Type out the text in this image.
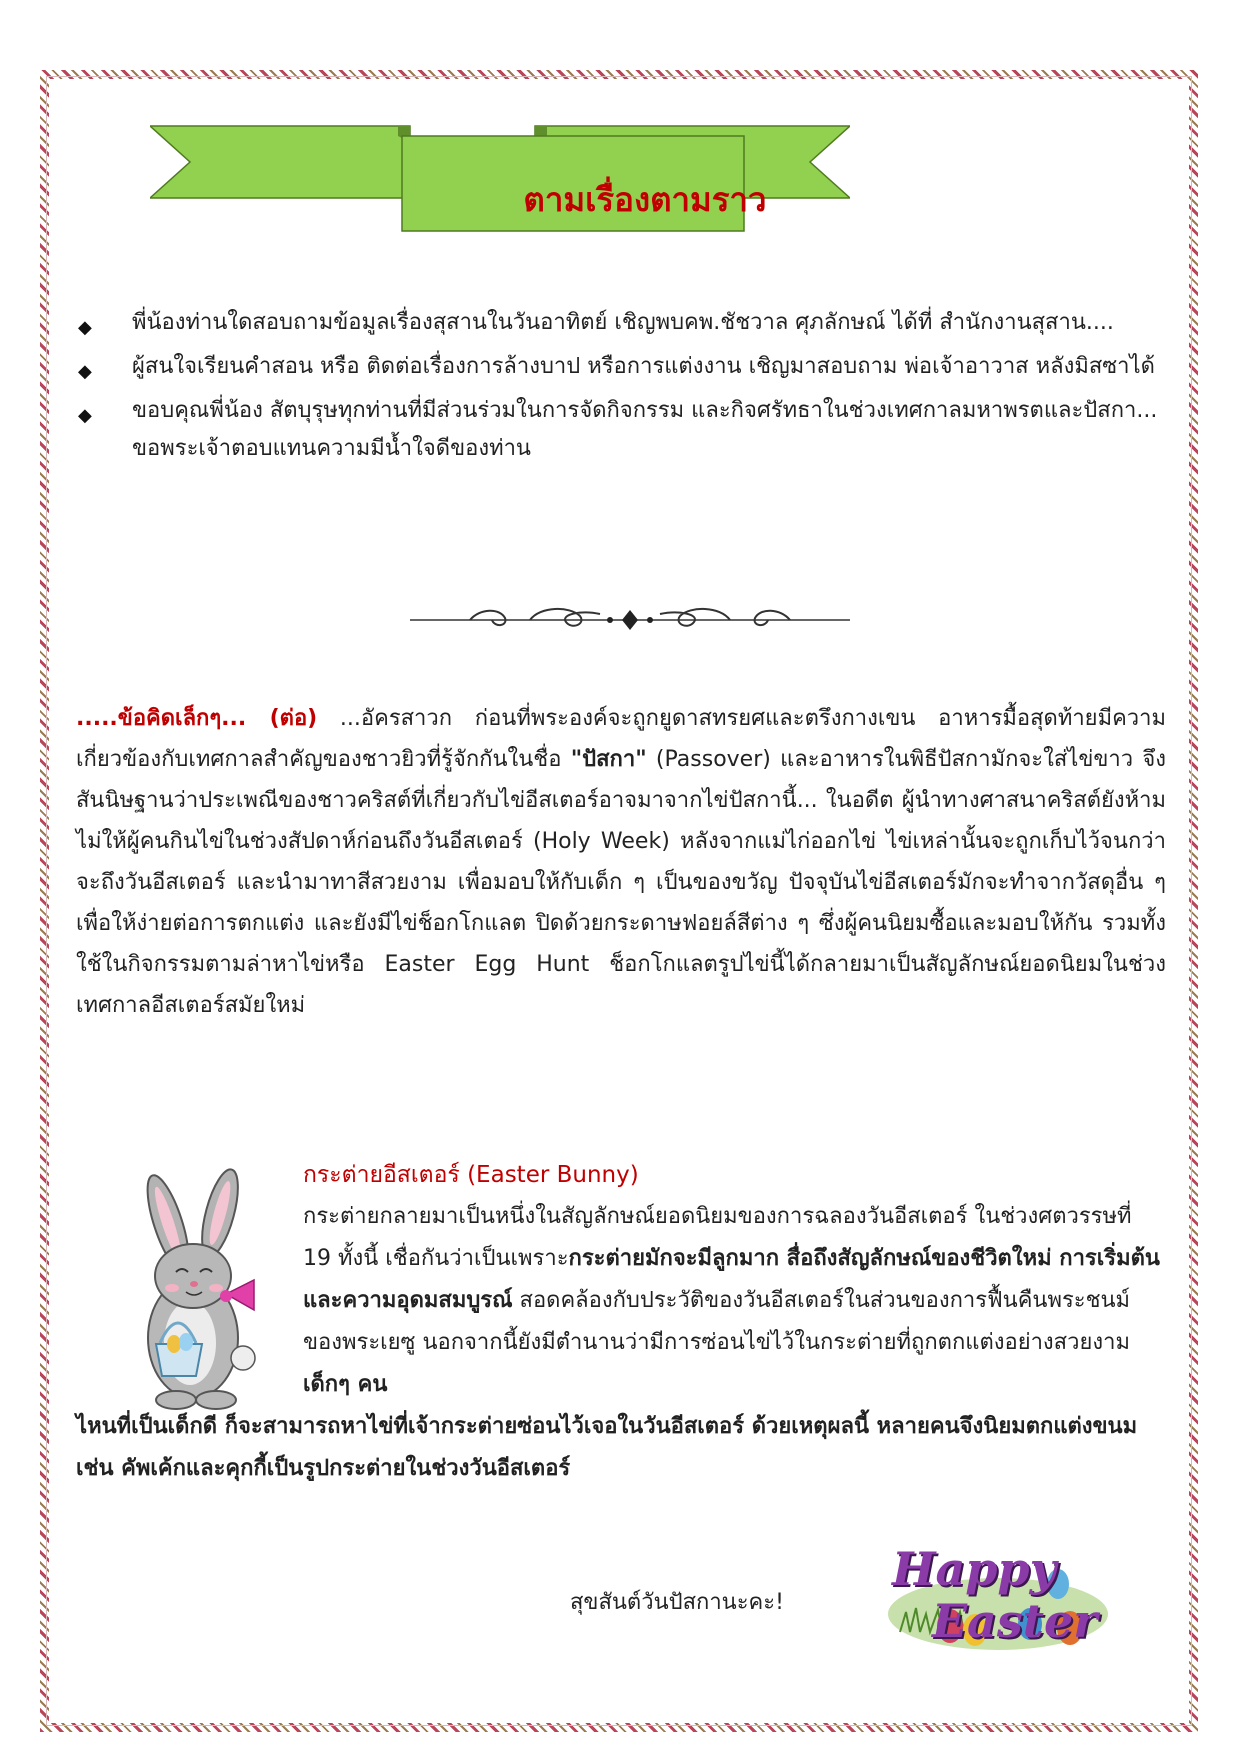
ตามเรื่องตามราว
◆ พี่น้องท่านใดสอบถามข้อมูลเรื่องสุสานในวันอาทิตย์ เชิญพบคพ.ชัชวาล ศุภลักษณ์ ได้ที่ สำนักงานสุสาน....
◆ ผู้สนใจเรียนคำสอน หรือ ติดต่อเรื่องการล้างบาป หรือการแต่งงาน เชิญมาสอบถาม พ่อเจ้าอาวาส หลังมิสซาได้
◆ ขอบคุณพี่น้อง สัตบุรุษทุกท่านที่มีส่วนร่วมในการจัดกิจกรรม และกิจศรัทธาในช่วงเทศกาลมหาพรตและปัสกา... ขอพระเจ้าตอบแทนความมีน้ำใจดีของท่าน
.....ข้อคิดเล็กๆ... (ต่อ) ...อัครสาวก ก่อนที่พระองค์จะถูกยูดาสทรยศและตรึงกางเขน อาหารมื้อสุดท้ายมีความเกี่ยวข้องกับเทศกาลสำคัญของชาวยิวที่รู้จักกันในชื่อ "ปัสกา" (Passover) และอาหารในพิธีปัสกามักจะใส่ไข่ขาว จึงสันนิษฐานว่าประเพณีของชาวคริสต์ที่เกี่ยวกับไข่อีสเตอร์อาจมาจากไข่ปัสกานี้... ในอดีต ผู้นำทางศาสนาคริสต์ยังห้ามไม่ให้ผู้คนกินไข่ในช่วงสัปดาห์ก่อนถึงวันอีสเตอร์ (Holy Week) หลังจากแม่ไก่ออกไข่ ไข่เหล่านั้นจะถูกเก็บไว้จนกว่าจะถึงวันอีสเตอร์ และนำมาทาสีสวยงาม เพื่อมอบให้กับเด็ก ๆ เป็นของขวัญ ปัจจุบันไข่อีสเตอร์มักจะทำจากวัสดุอื่น ๆ เพื่อให้ง่ายต่อการตกแต่ง และยังมีไข่ช็อกโกแลต ปิดด้วยกระดาษฟอยล์สีต่าง ๆ ซึ่งผู้คนนิยมซื้อและมอบให้กัน รวมทั้งใช้ในกิจกรรมตามล่าหาไข่หรือ Easter Egg Hunt ช็อกโกแลตรูปไข่นี้ได้กลายมาเป็นสัญลักษณ์ยอดนิยมในช่วงเทศกาลอีสเตอร์สมัยใหม่
กระต่ายอีสเตอร์ (Easter Bunny)
กระต่ายกลายมาเป็นหนึ่งในสัญลักษณ์ยอดนิยมของการฉลองวันอีสเตอร์ ในช่วงศตวรรษที่ 19 ทั้งนี้ เชื่อกันว่าเป็นเพราะกระต่ายมักจะมีลูกมาก สื่อถึงสัญลักษณ์ของชีวิตใหม่ การเริ่มต้น และความอุดมสมบูรณ์ สอดคล้องกับประวัติของวันอีสเตอร์ในส่วนของการฟื้นคืนพระชนม์ของพระเยซู นอกจากนี้ยังมีตำนานว่ามีการซ่อนไข่ไว้ในกระต่ายที่ถูกตกแต่งอย่างสวยงาม เด็กๆ คน
ไหนที่เป็นเด็กดี ก็จะสามารถหาไข่ที่เจ้ากระต่ายซ่อนไว้เจอในวันอีสเตอร์ ด้วยเหตุผลนี้ หลายคนจึงนิยมตกแต่งขนม เช่น คัพเค้กและคุกกี้เป็นรูปกระต่ายในช่วงวันอีสเตอร์
สุขสันต์วันปัสกานะคะ!
Happy
Easter
